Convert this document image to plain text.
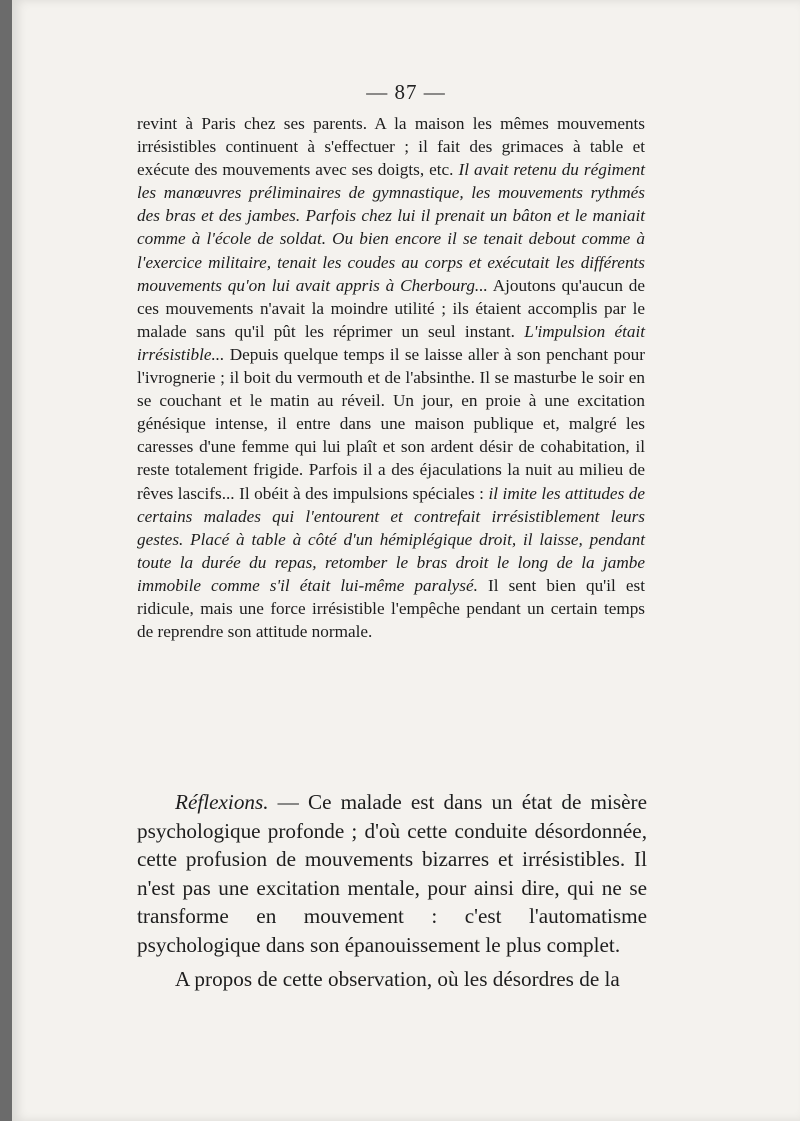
— 87 —

revint à Paris chez ses parents. A la maison les mêmes mouvements irrésistibles continuent à s'effectuer ; il fait des grimaces à table et exécute des mouvements avec ses doigts, etc. Il avait retenu du régiment les manœuvres préliminaires de gymnastique, les mouvements rythmés des bras et des jambes. Parfois chez lui il prenait un bâton et le maniait comme à l'école de soldat. Ou bien encore il se tenait debout comme à l'exercice militaire, tenait les coudes au corps et exécutait les différents mouvements qu'on lui avait appris à Cherbourg... Ajoutons qu'aucun de ces mouvements n'avait la moindre utilité ; ils étaient accomplis par le malade sans qu'il pût les réprimer un seul instant. L'impulsion était irrésistible... Depuis quelque temps il se laisse aller à son penchant pour l'ivrognerie ; il boit du vermouth et de l'absinthe. Il se masturbe le soir en se couchant et le matin au réveil. Un jour, en proie à une excitation génésique intense, il entre dans une maison publique et, malgré les caresses d'une femme qui lui plaît et son ardent désir de cohabitation, il reste totalement frigide. Parfois il a des éjaculations la nuit au milieu de rêves lascifs... Il obéit à des impulsions spéciales : il imite les attitudes de certains malades qui l'entourent et contrefait irrésistiblement leurs gestes. Placé à table à côté d'un hémiplégique droit, il laisse, pendant toute la durée du repas, retomber le bras droit le long de la jambe immobile comme s'il était lui-même paralysé. Il sent bien qu'il est ridicule, mais une force irrésistible l'empêche pendant un certain temps de reprendre son attitude normale.

Réflexions. — Ce malade est dans un état de misère psychologique profonde ; d'où cette conduite désordonnée, cette profusion de mouvements bizarres et irrésistibles. Il n'est pas une excitation mentale, pour ainsi dire, qui ne se transforme en mouvement : c'est l'automatisme psychologique dans son épanouissement le plus complet.

A propos de cette observation, où les désordres de la
